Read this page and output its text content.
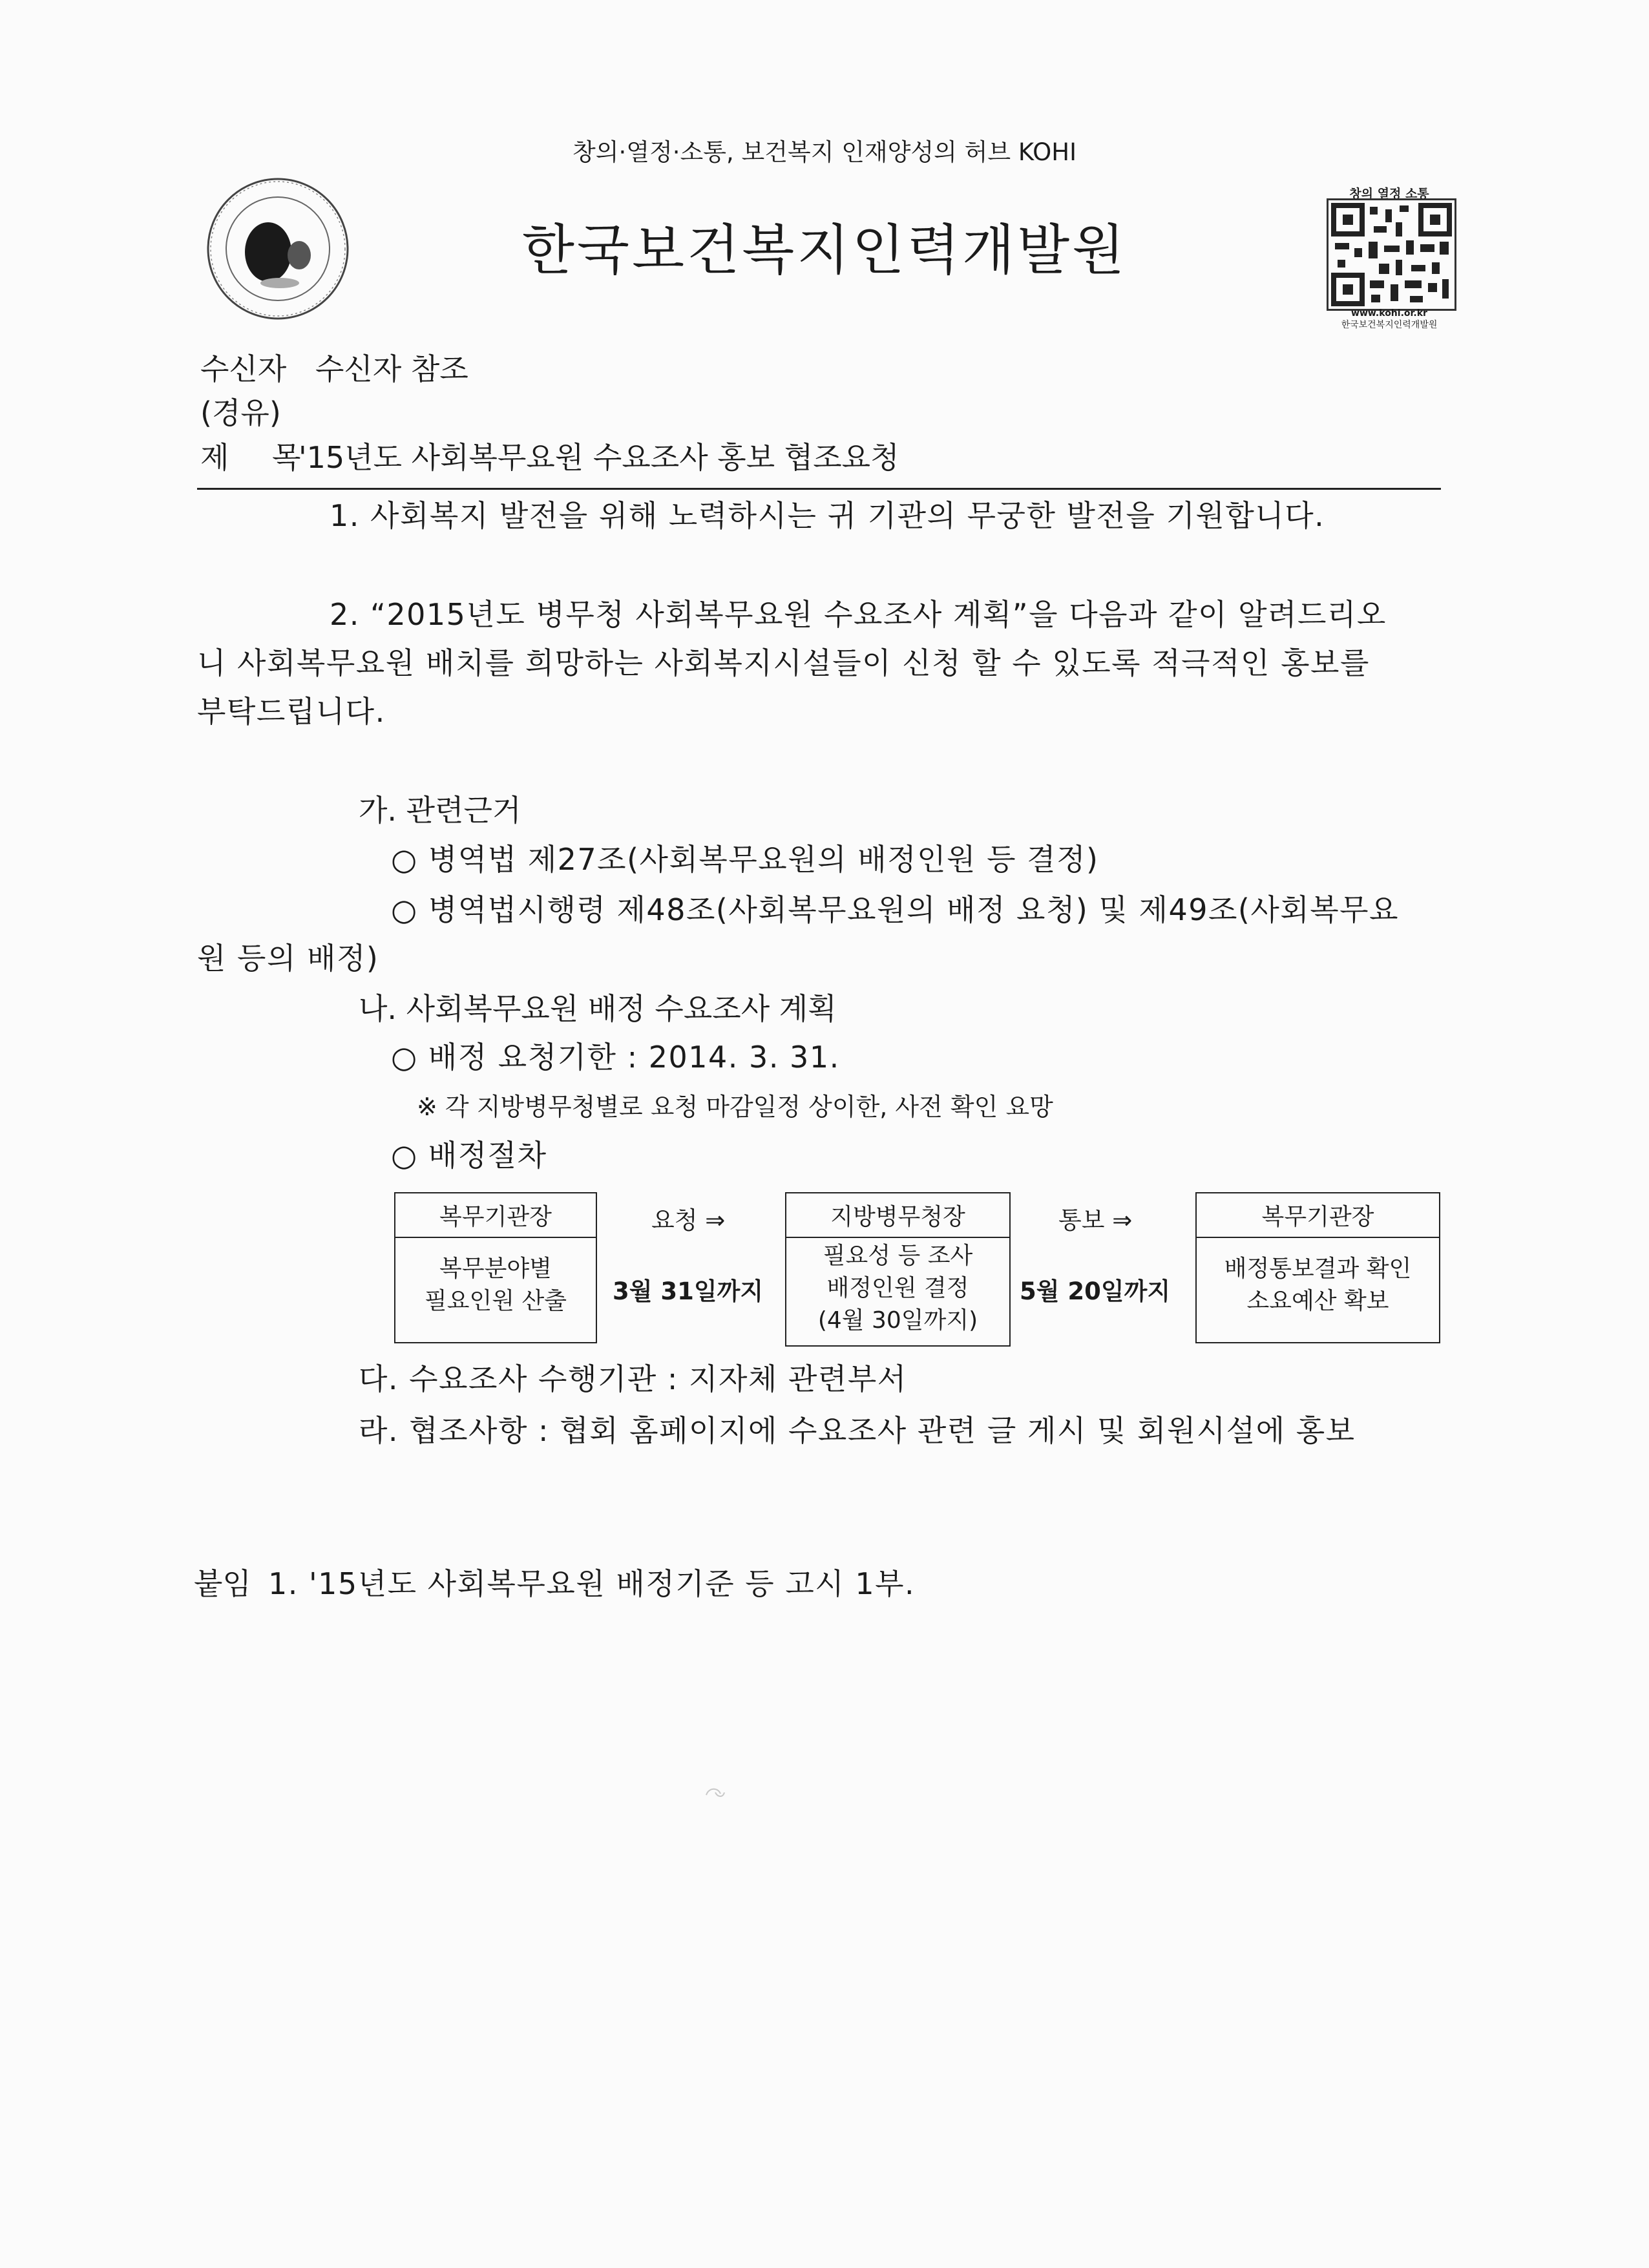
창의·열정·소통, 보건복지 인재양성의 허브 KOHI
한국보건복지인력개발원
창의 열정 소통
www.kohi.or.kr
한국보건복지인력개발원
수신자 수신자 참조
(경유)
제 목
'15년도 사회복무요원 수요조사 홍보 협조요청
1. 사회복지 발전을 위해 노력하시는 귀 기관의 무궁한 발전을 기원합니다.
2. “2015년도 병무청 사회복무요원 수요조사 계획”을 다음과 같이 알려드리오
니 사회복무요원 배치를 희망하는 사회복지시설들이 신청 할 수 있도록 적극적인 홍보를
부탁드립니다.
가. 관련근거
○ 병역법 제27조(사회복무요원의 배정인원 등 결정)
○ 병역법시행령 제48조(사회복무요원의 배정 요청) 및 제49조(사회복무요
원 등의 배정)
나. 사회복무요원 배정 수요조사 계획
○ 배정 요청기한 : 2014. 3. 31.
※ 각 지방병무청별로 요청 마감일정 상이한, 사전 확인 요망
○ 배정절차
복무기관장
복무분야별
필요인원 산출
요청 ⇒
3월 31일까지
지방병무청장
필요성 등 조사
배정인원 결정
(4월 30일까지)
통보 ⇒
5월 20일까지
복무기관장
배정통보결과 확인
소요예산 확보
다. 수요조사 수행기관 : 지자체 관련부서
라. 협조사항 : 협회 홈페이지에 수요조사 관련 글 게시 및 회원시설에 홍보
붙임 1. '15년도 사회복무요원 배정기준 등 고시 1부.
